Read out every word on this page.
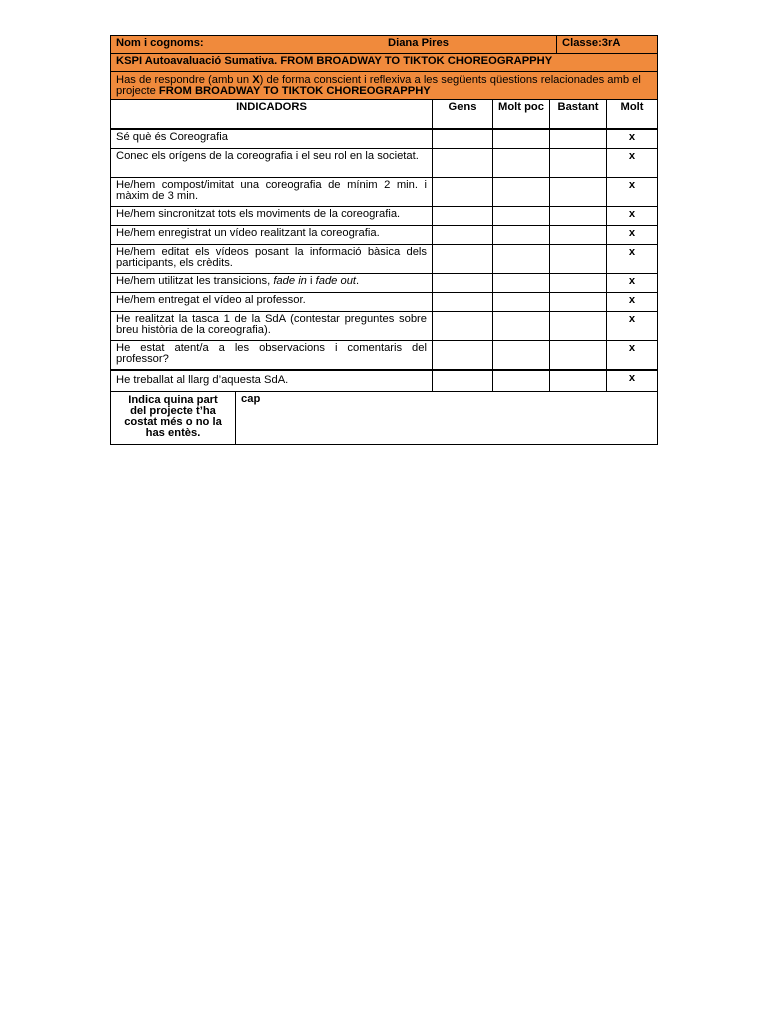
Nom i cognoms:	Diana Pires	Classe:3rA
KSPI Autoavaluació Sumativa. FROM BROADWAY TO TIKTOK CHOREOGRAPPHY
Has de respondre (amb un X) de forma conscient i reflexiva a les següents qüestions relacionades amb el projecte FROM BROADWAY TO TIKTOK CHOREOGRAPPHY
INDICADORS	Gens	Molt poc	Bastant	Molt
Sé què és Coreografia				x
Conec els orígens de la coreografia i el seu rol en la societat.				x
He/hem compost/imitat una coreografia de mínim 2 min. i màxim de 3 min.				x
He/hem sincronitzat tots els moviments de la coreografia.				x
He/hem enregistrat un vídeo realitzant la coreografia.				x
He/hem editat els vídeos posant la informació bàsica dels participants, els crèdits.				x
He/hem utilitzat les transicions, fade in i fade out.				x
He/hem entregat el vídeo al professor.				x
He realitzat la tasca 1 de la SdA (contestar preguntes sobre breu història de la coreografia).				x
He estat atent/a a les observacions i comentaris del professor?				x
He treballat al llarg d’aquesta SdA.				x
Indica quina part del projecte t’ha costat més o no la has entès.	cap
